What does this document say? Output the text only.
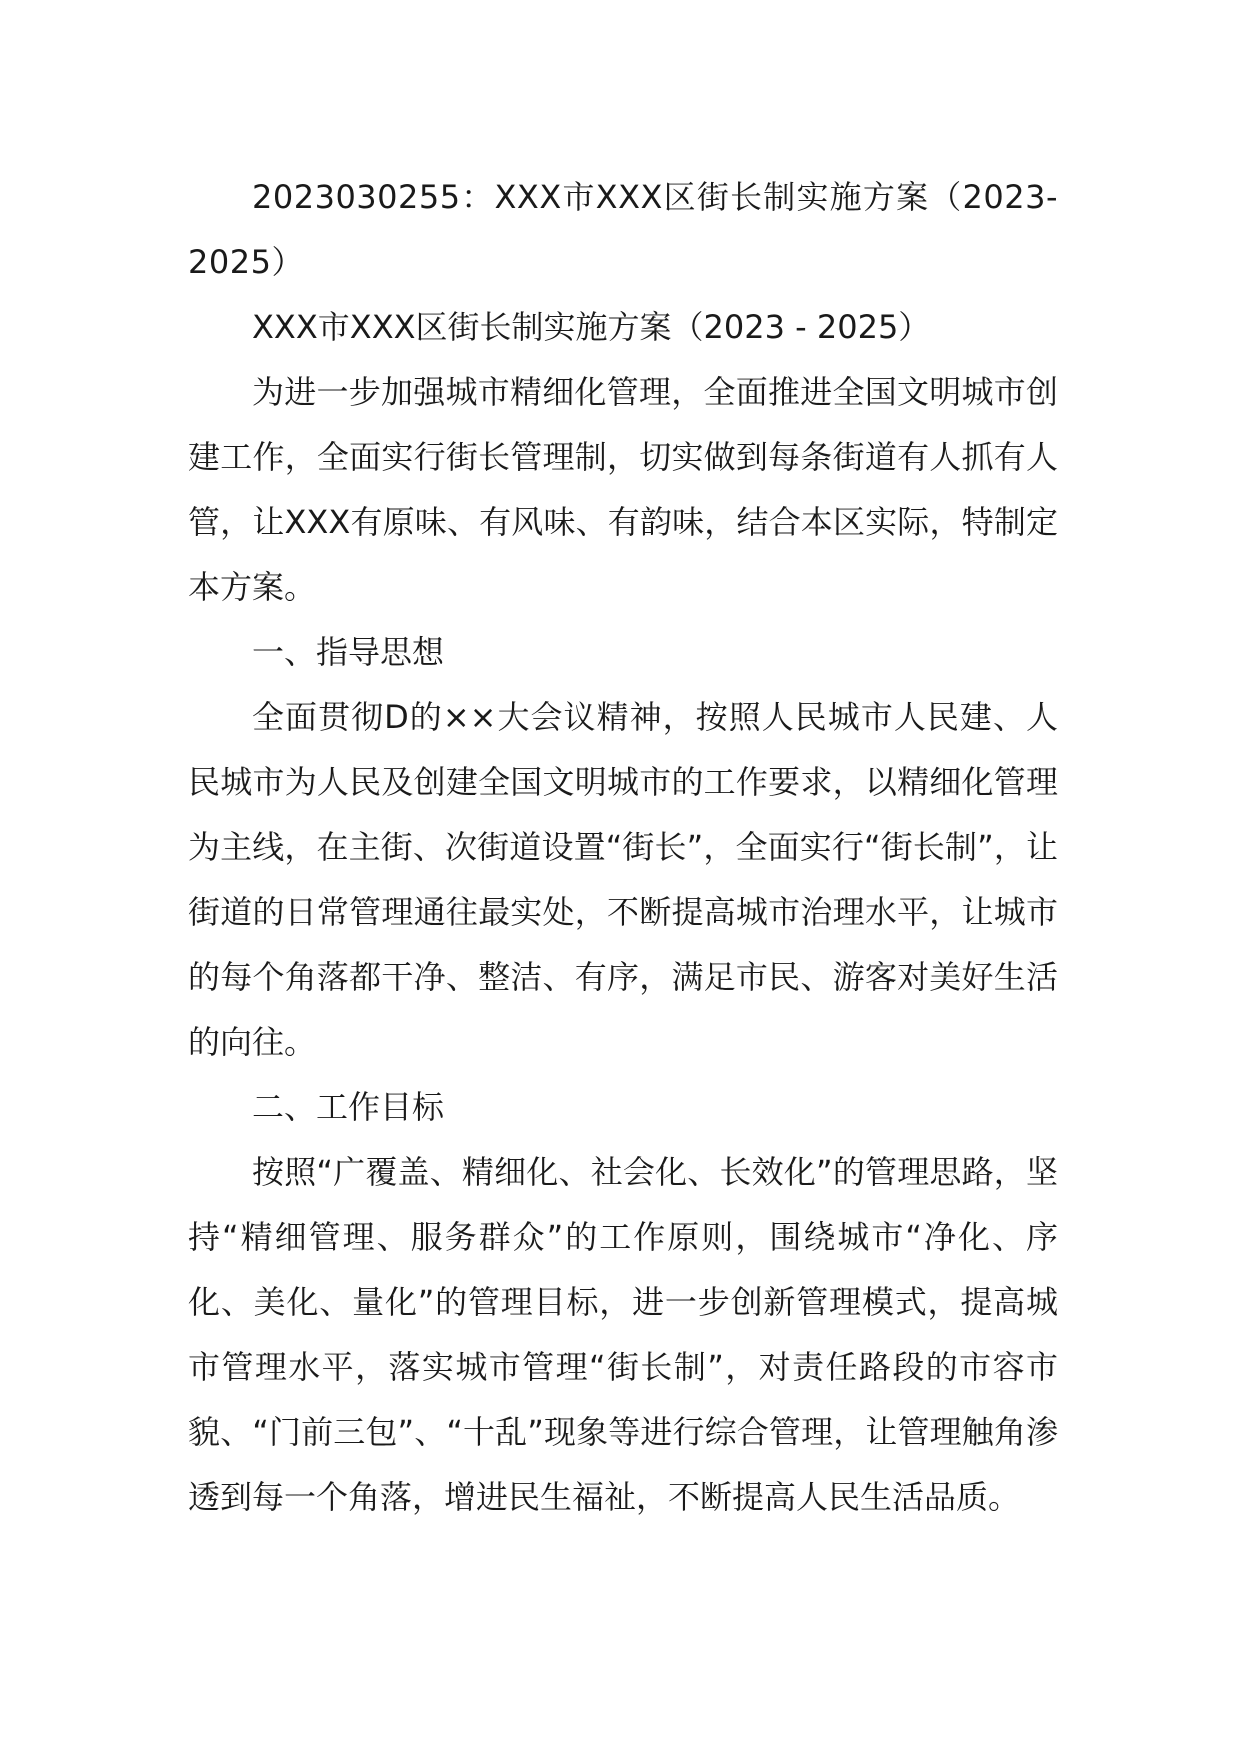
2023030255：XXX市XXX区街长制实施方案（2023-2025）

XXX市XXX区街长制实施方案（2023 - 2025）

为进一步加强城市精细化管理，全面推进全国文明城市创建工作，全面实行街长管理制，切实做到每条街道有人抓有人管，让XXX有原味、有风味、有韵味，结合本区实际，特制定本方案。

一、指导思想

全面贯彻D的××大会议精神，按照人民城市人民建、人民城市为人民及创建全国文明城市的工作要求，以精细化管理为主线，在主街、次街道设置“街长”，全面实行“街长制”，让街道的日常管理通往最实处，不断提高城市治理水平，让城市的每个角落都干净、整洁、有序，满足市民、游客对美好生活的向往。

二、工作目标

按照“广覆盖、精细化、社会化、长效化”的管理思路，坚持“精细管理、服务群众”的工作原则，围绕城市“净化、序化、美化、量化”的管理目标，进一步创新管理模式，提高城市管理水平，落实城市管理“街长制”，对责任路段的市容市貌、“门前三包”、“十乱”现象等进行综合管理，让管理触角渗透到每一个角落，增进民生福祉，不断提高人民生活品质。
